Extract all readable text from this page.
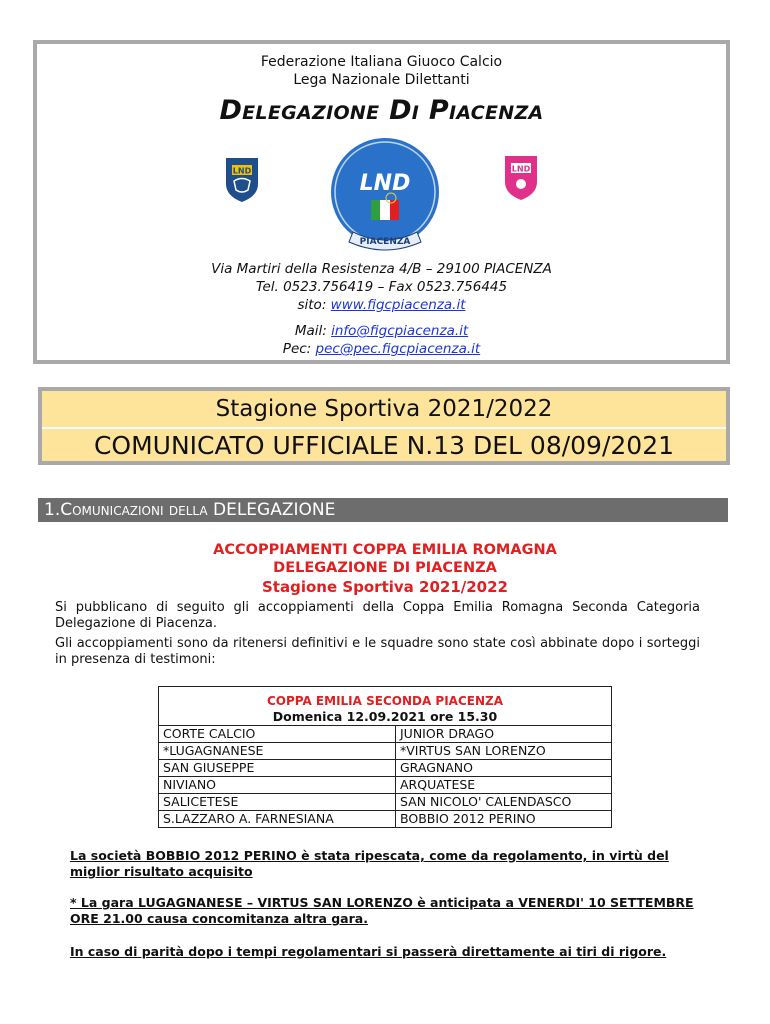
Federazione Italiana Giuoco Calcio
Lega Nazionale Dilettanti
Delegazione Di Piacenza
LND	LND
PIACENZA
LND
Via Martiri della Resistenza 4/B – 29100 PIACENZA
Tel. 0523.756419 – Fax 0523.756445
sito: www.figcpiacenza.it
Mail: info@figcpiacenza.it
Pec: pec@pec.figcpiacenza.it
Stagione Sportiva 2021/2022
COMUNICATO UFFICIALE N.13 DEL 08/09/2021
1.Comunicazioni della DELEGAZIONE
ACCOPPIAMENTI COPPA EMILIA ROMAGNA
DELEGAZIONE DI PIACENZA
Stagione Sportiva 2021/2022
Si pubblicano di seguito gli accoppiamenti della Coppa Emilia Romagna Seconda Categoria Delegazione di Piacenza.
Gli accoppiamenti sono da ritenersi definitivi e le squadre sono state così abbinate dopo i sorteggi in presenza di testimoni:
COPPA EMILIA SECONDA PIACENZA	
Domenica 12.09.2021 ore 15.30	
CORTE CALCIO	JUNIOR DRAGO
*LUGAGNANESE	*VIRTUS SAN LORENZO
SAN GIUSEPPE	GRAGNANO
NIVIANO	ARQUATESE
SALICETESE	SAN NICOLO' CALENDASCO
S.LAZZARO A. FARNESIANA	BOBBIO 2012 PERINO
La società BOBBIO 2012 PERINO è stata ripescata, come da regolamento, in virtù del miglior risultato acquisito
* La gara LUGAGNANESE – VIRTUS SAN LORENZO è anticipata a VENERDI' 10 SETTEMBRE ORE 21.00 causa concomitanza altra gara.
In caso di parità dopo i tempi regolamentari si passerà direttamente ai tiri di rigore.
